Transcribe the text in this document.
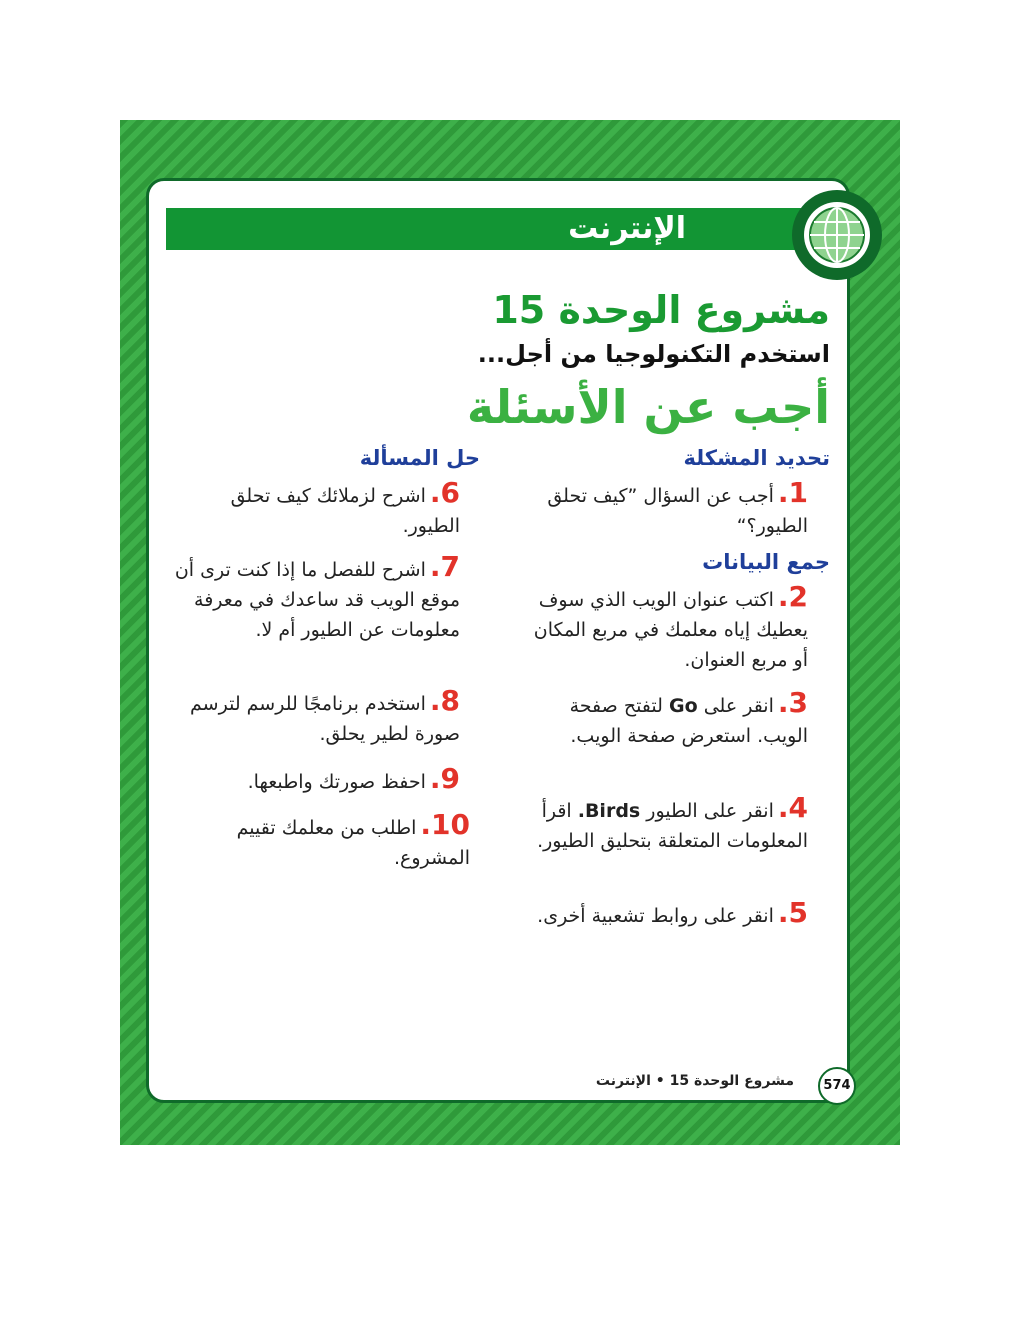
الإنترنت
مشروع الوحدة 15
استخدم التكنولوجيا من أجل...
أجب عن الأسئلة
تحديد المشكلة
1.أجب عن السؤال ”كيف تحلق الطيور؟“
جمع البيانات
2.اكتب عنوان الويب الذي سوف يعطيك إياه معلمك في مربع المكان أو مربع العنوان.
3.انقر على Go لتفتح صفحة الويب. استعرض صفحة الويب.
4.انقر على الطيور Birds. اقرأ المعلومات المتعلقة بتحليق الطيور.
5.انقر على روابط تشعبية أخرى.
حل المسألة
6.اشرح لزملائك كيف تحلق الطيور.
7.اشرح للفصل ما إذا كنت ترى أن موقع الويب قد ساعدك في معرفة معلومات عن الطيور أم لا.
8.استخدم برنامجًا للرسم لترسم صورة لطير يحلق.
9.احفظ صورتك واطبعها.
10.اطلب من معلمك تقييم المشروع.
مشروع الوحدة 15 • الإنترنت	574
